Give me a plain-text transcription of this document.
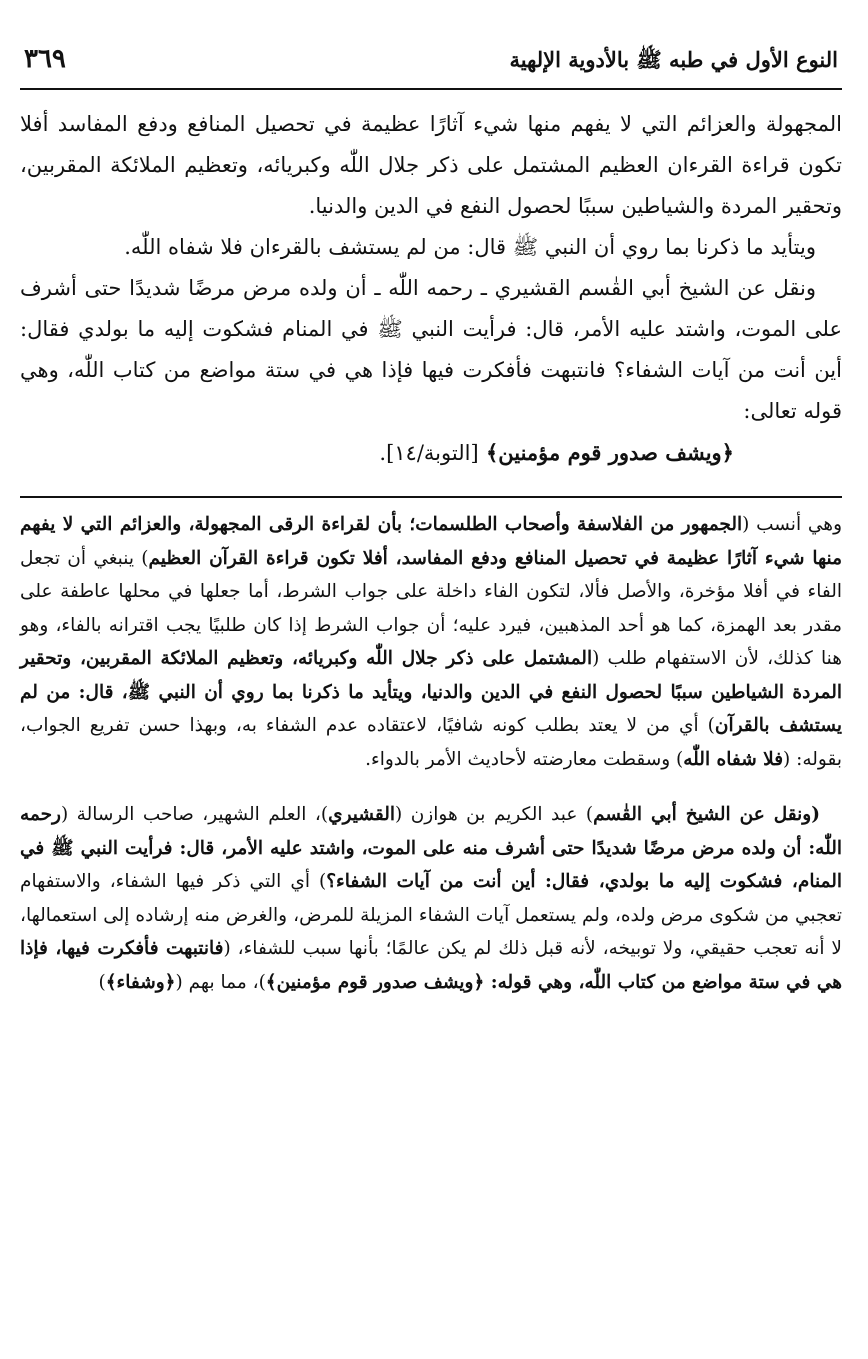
النوع الأول في طبه ﷺ بالأدوية الإلهية
٣٦٩

المجهولة والعزائم التي لا يفهم منها شيء آثارًا عظيمة في تحصيل المنافع ودفع المفاسد أفلا تكون قراءة القرءان العظيم المشتمل على ذكر جلال اللّٰه وكبريائه، وتعظيم الملائكة المقربين، وتحقير المردة والشياطين سببًا لحصول النفع في الدين والدنيا.

ويتأيد ما ذكرنا بما روي أن النبي ﷺ قال: من لم يستشف بالقرءان فلا شفاه اللّٰه.

ونقل عن الشيخ أبي القٰسم القشيري ـ رحمه اللّٰه ـ أن ولده مرض مرضًا شديدًا حتى أشرف على الموت، واشتد عليه الأمر، قال: فرأيت النبي ﷺ في المنام فشكوت إليه ما بولدي فقال: أين أنت من آيات الشفاء؟ فانتبهت فأفكرت فيها فإذا هي في ستة مواضع من كتاب اللّٰه، وهي قوله تعالى:

﴿ويشف صدور قوم مؤمنين﴾ [التوبة/١٤].

وهي أنسب (الجمهور من الفلاسفة وأصحاب الطلسمات؛ بأن لقراءة الرقى المجهولة، والعزائم التي لا يفهم منها شيء آثارًا عظيمة في تحصيل المنافع ودفع المفاسد، أفلا تكون قراءة القرآن العظيم) ينبغي أن تجعل الفاء في أفلا مؤخرة، والأصل فألا، لتكون الفاء داخلة على جواب الشرط، أما جعلها في محلها عاطفة على مقدر بعد الهمزة، كما هو أحد المذهبين، فيرد عليه؛ أن جواب الشرط إذا كان طلبيًا يجب اقترانه بالفاء، وهو هنا كذلك، لأن الاستفهام طلب (المشتمل على ذكر جلال اللّٰه وكبريائه، وتعظيم الملائكة المقربين، وتحقير المردة الشياطين سببًا لحصول النفع في الدين والدنيا، ويتأيد ما ذكرنا بما روي أن النبي ﷺ، قال: من لم يستشف بالقرآن) أي من لا يعتد بطلب كونه شافيًا، لاعتقاده عدم الشفاء به، وبهذا حسن تفريع الجواب، بقوله: (فلا شفاه اللّٰه) وسقطت معارضته لأحاديث الأمر بالدواء.

(ونقل عن الشيخ أبي القٰسم) عبد الكريم بن هوازن (القشيري)، العلم الشهير، صاحب الرسالة (رحمه اللّٰه: أن ولده مرض مرضًا شديدًا حتى أشرف منه على الموت، واشتد عليه الأمر، قال: فرأيت النبي ﷺ في المنام، فشكوت إليه ما بولدي، فقال: أين أنت من آيات الشفاء؟) أي التي ذكر فيها الشفاء، والاستفهام تعجبي من شكوى مرض ولده، ولم يستعمل آيات الشفاء المزيلة للمرض، والغرض منه إرشاده إلى استعمالها، لا أنه تعجب حقيقي، ولا توبيخه، لأنه قبل ذلك لم يكن عالمًا؛ بأنها سبب للشفاء، (فانتبهت فأفكرت فيها، فإذا هي في ستة مواضع من كتاب اللّٰه، وهي قوله: ﴿ويشف صدور قوم مؤمنين﴾)، مما بهم (﴿وشفاء﴾)
